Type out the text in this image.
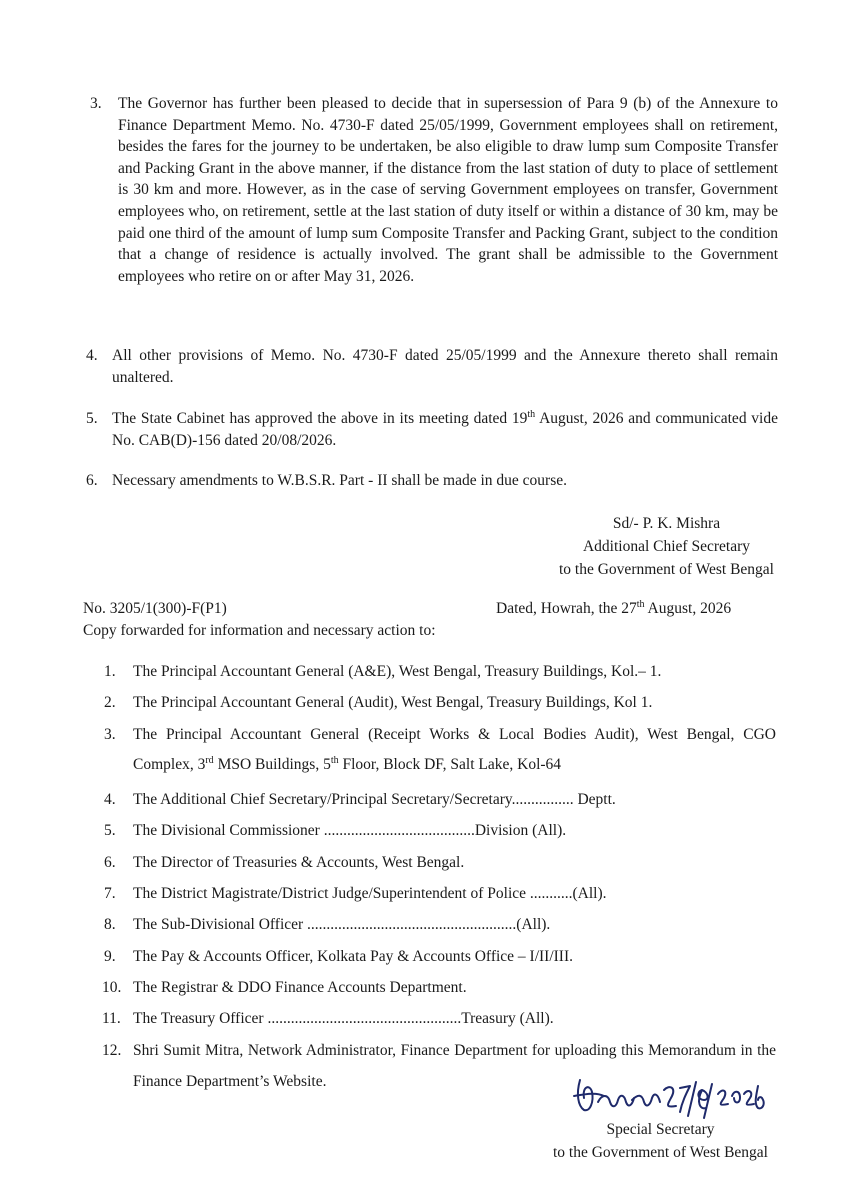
3. The Governor has further been pleased to decide that in supersession of Para 9 (b) of the Annexure to Finance Department Memo. No. 4730-F dated 25/05/1999, Government employees shall on retirement, besides the fares for the journey to be undertaken, be also eligible to draw lump sum Composite Transfer and Packing Grant in the above manner, if the distance from the last station of duty to place of settlement is 30 km and more. However, as in the case of serving Government employees on transfer, Government employees who, on retirement, settle at the last station of duty itself or within a distance of 30 km, may be paid one third of the amount of lump sum Composite Transfer and Packing Grant, subject to the condition that a change of residence is actually involved. The grant shall be admissible to the Government employees who retire on or after May 31, 2026.
4. All other provisions of Memo. No. 4730-F dated 25/05/1999 and the Annexure thereto shall remain unaltered.
5. The State Cabinet has approved the above in its meeting dated 19th August, 2026 and communicated vide No. CAB(D)-156 dated 20/08/2026.
6. Necessary amendments to W.B.S.R. Part - II shall be made in due course.
Sd/- P. K. Mishra
Additional Chief Secretary
to the Government of West Bengal
No. 3205/1(300)-F(P1)	Dated, Howrah, the 27th August, 2026
Copy forwarded for information and necessary action to:
1. The Principal Accountant General (A&E), West Bengal, Treasury Buildings, Kol.– 1.
2. The Principal Accountant General (Audit), West Bengal, Treasury Buildings, Kol 1.
3. The Principal Accountant General (Receipt Works & Local Bodies Audit), West Bengal, CGO Complex, 3rd MSO Buildings, 5th Floor, Block DF, Salt Lake, Kol-64
4. The Additional Chief Secretary/Principal Secretary/Secretary................ Deptt.
5. The Divisional Commissioner .......................................Division (All).
6. The Director of Treasuries & Accounts, West Bengal.
7. The District Magistrate/District Judge/Superintendent of Police ...........(All).
8. The Sub-Divisional Officer ......................................................(All).
9. The Pay & Accounts Officer, Kolkata Pay & Accounts Office – I/II/III.
10. The Registrar & DDO Finance Accounts Department.
11. The Treasury Officer ..................................................Treasury (All).
12. Shri Sumit Mitra, Network Administrator, Finance Department for uploading this Memorandum in the Finance Department’s Website.
Special Secretary
to the Government of West Bengal
